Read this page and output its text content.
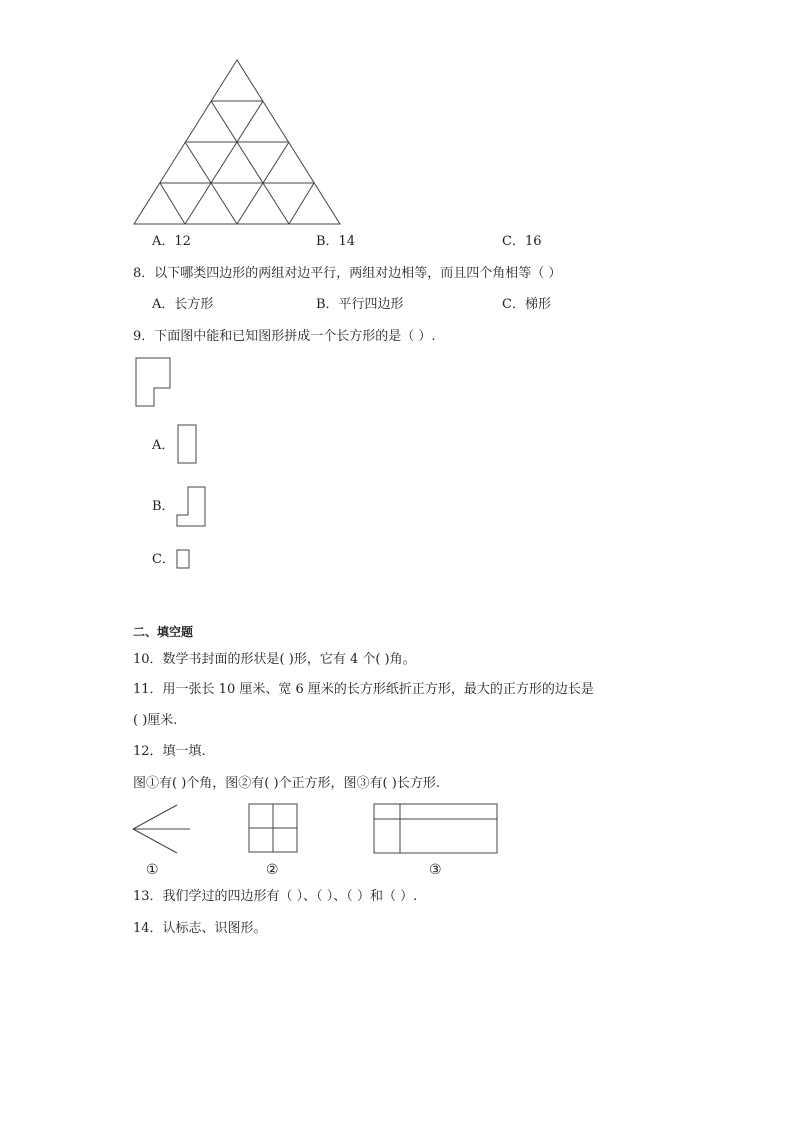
A．12	B．14	C．16
8．以下哪类四边形的两组对边平行，两组对边相等，而且四个角相等（ ）
A．长方形	B．平行四边形	C．梯形
9．下面图中能和已知图形拼成一个长方形的是（ ）.
A．
B．
C．
二、填空题
10．数学书封面的形状是( )形，它有 4 个( )角。
11．用一张长 10 厘米、宽 6 厘米的长方形纸折正方形，最大的正方形的边长是
( )厘米.
12．填一填.
图①有( )个角，图②有( )个正方形，图③有( )长方形.
①	②	③
13．我们学过的四边形有（ ）、（ ）、（ ）和（ ）.
14．认标志、识图形。
